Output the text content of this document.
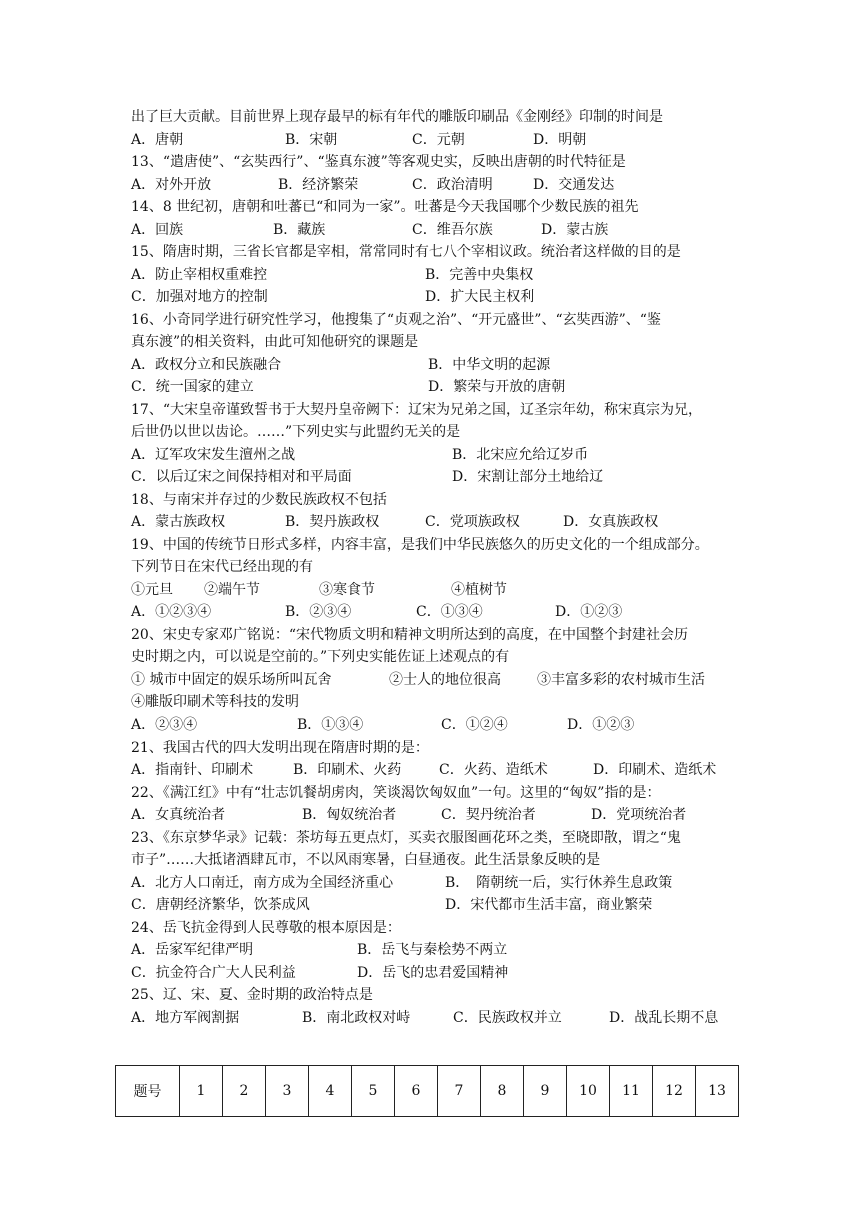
出了巨大贡献。目前世界上现存最早的标有年代的雕版印刷品《金刚经》印制的时间是
A．唐朝	B．宋朝	C．元朝	D．明朝
13、“遣唐使”、“玄奘西行”、“鉴真东渡”等客观史实，反映出唐朝的时代特征是
A．对外开放	B．经济繁荣	C．政治清明	D．交通发达
14、8 世纪初，唐朝和吐蕃已“和同为一家”。吐蕃是今天我国哪个少数民族的祖先
A．回族	B．藏族	C．维吾尔族	D．蒙古族
15、隋唐时期，三省长官都是宰相，常常同时有七八个宰相议政。统治者这样做的目的是
A．防止宰相权重难控	B．完善中央集权
C．加强对地方的控制	D．扩大民主权利
16、小奇同学进行研究性学习，他搜集了“贞观之治”、“开元盛世”、“玄奘西游”、“鉴
真东渡”的相关资料，由此可知他研究的课题是
A．政权分立和民族融合	B．中华文明的起源
C．统一国家的建立	D．繁荣与开放的唐朝
17、“大宋皇帝谨致誓书于大契丹皇帝阙下：辽宋为兄弟之国，辽圣宗年幼，称宋真宗为兄，
后世仍以世以齿论。……”下列史实与此盟约无关的是
A．辽军攻宋发生澶州之战	B．北宋应允给辽岁币
C．以后辽宋之间保持相对和平局面	D．宋割让部分土地给辽
18、与南宋并存过的少数民族政权不包括
A．蒙古族政权	B．契丹族政权	C．党项族政权	D．女真族政权
19、中国的传统节日形式多样，内容丰富，是我们中华民族悠久的历史文化的一个组成部分。
下列节日在宋代已经出现的有
①元旦 ②端午节	③寒食节	④植树节
A．①②③④	B．②③④	C．①③④	D．①②③
20、宋史专家邓广铭说：“宋代物质文明和精神文明所达到的高度，在中国整个封建社会历
史时期之内，可以说是空前的。”下列史实能佐证上述观点的有
① 城市中固定的娱乐场所叫瓦舍	②士人的地位很高	③丰富多彩的农村城市生活
④雕版印刷术等科技的发明
A．②③④	B．①③④	C．①②④	D．①②③
21、我国古代的四大发明出现在隋唐时期的是：
A．指南针、印刷术	B．印刷术、火药	C．火药、造纸术	D．印刷术、造纸术
22、《满江红》中有“壮志饥餐胡虏肉，笑谈渴饮匈奴血”一句。这里的“匈奴”指的是：
A．女真统治者	B．匈奴统治者	C．契丹统治者	D．党项统治者
23、《东京梦华录》记载：茶坊每五更点灯，买卖衣服图画花环之类，至晓即散，谓之“鬼
市子”……大抵诸酒肆瓦市，不以风雨寒暑，白昼通夜。此生活景象反映的是
A．北方人口南迁，南方成为全国经济重心	B．　隋朝统一后，实行休养生息政策
C．唐朝经济繁华，饮茶成风	D．宋代都市生活丰富，商业繁荣
24、岳飞抗金得到人民尊敬的根本原因是：
A．岳家军纪律严明	B．岳飞与秦桧势不两立
C．抗金符合广大人民利益	D．岳飞的忠君爱国精神
25、辽、宋、夏、金时期的政治特点是
A．地方军阀割据	B．南北政权对峙	C．民族政权并立	D．战乱长期不息
题号	1	2	3	4	5	6	7	8	9	10	11	12	13
